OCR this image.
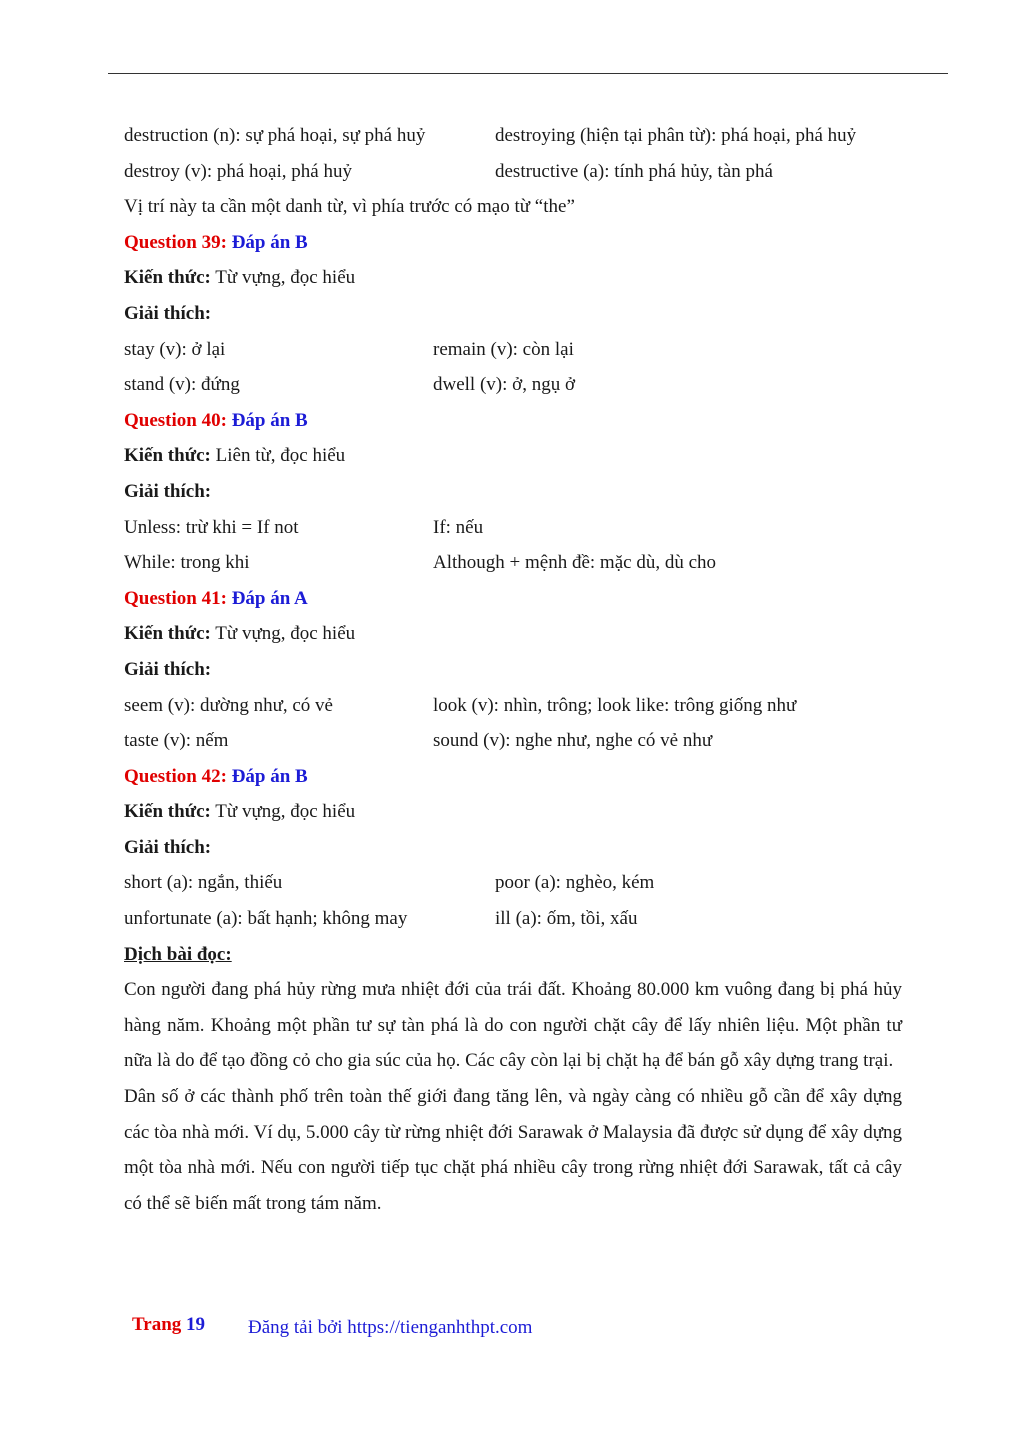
destruction (n): sự phá hoại, sự phá huỷ	destroying (hiện tại phân từ): phá hoại, phá huỷ
destroy (v): phá hoại, phá huỷ	destructive (a): tính phá hủy, tàn phá
Vị trí này ta cần một danh từ, vì phía trước có mạo từ “the”
Question 39: Đáp án B
Kiến thức: Từ vựng, đọc hiểu
Giải thích:
stay (v): ở lại	remain (v): còn lại
stand (v): đứng	dwell (v): ở, ngụ ở
Question 40: Đáp án B
Kiến thức: Liên từ, đọc hiểu
Giải thích:
Unless: trừ khi = If not	If: nếu
While: trong khi	Although + mệnh đề: mặc dù, dù cho
Question 41: Đáp án A
Kiến thức: Từ vựng, đọc hiểu
Giải thích:
seem (v): dường như, có vẻ	look (v): nhìn, trông; look like: trông giống như
taste (v): nếm	sound (v): nghe như, nghe có vẻ như
Question 42: Đáp án B
Kiến thức: Từ vựng, đọc hiểu
Giải thích:
short (a): ngắn, thiếu	poor (a): nghèo, kém
unfortunate (a): bất hạnh; không may	ill (a): ốm, tồi, xấu
Dịch bài đọc:
Con người đang phá hủy rừng mưa nhiệt đới của trái đất. Khoảng 80.000 km vuông đang bị phá hủy hàng năm. Khoảng một phần tư sự tàn phá là do con người chặt cây để lấy nhiên liệu. Một phần tư nữa là do để tạo đồng cỏ cho gia súc của họ. Các cây còn lại bị chặt hạ để bán gỗ xây dựng trang trại.
Dân số ở các thành phố trên toàn thế giới đang tăng lên, và ngày càng có nhiều gỗ cần để xây dựng các tòa nhà mới. Ví dụ, 5.000 cây từ rừng nhiệt đới Sarawak ở Malaysia đã được sử dụng để xây dựng một tòa nhà mới. Nếu con người tiếp tục chặt phá nhiều cây trong rừng nhiệt đới Sarawak, tất cả cây có thể sẽ biến mất trong tám năm.
Trang 19 Đăng tải bởi https://tienganhthpt.com
